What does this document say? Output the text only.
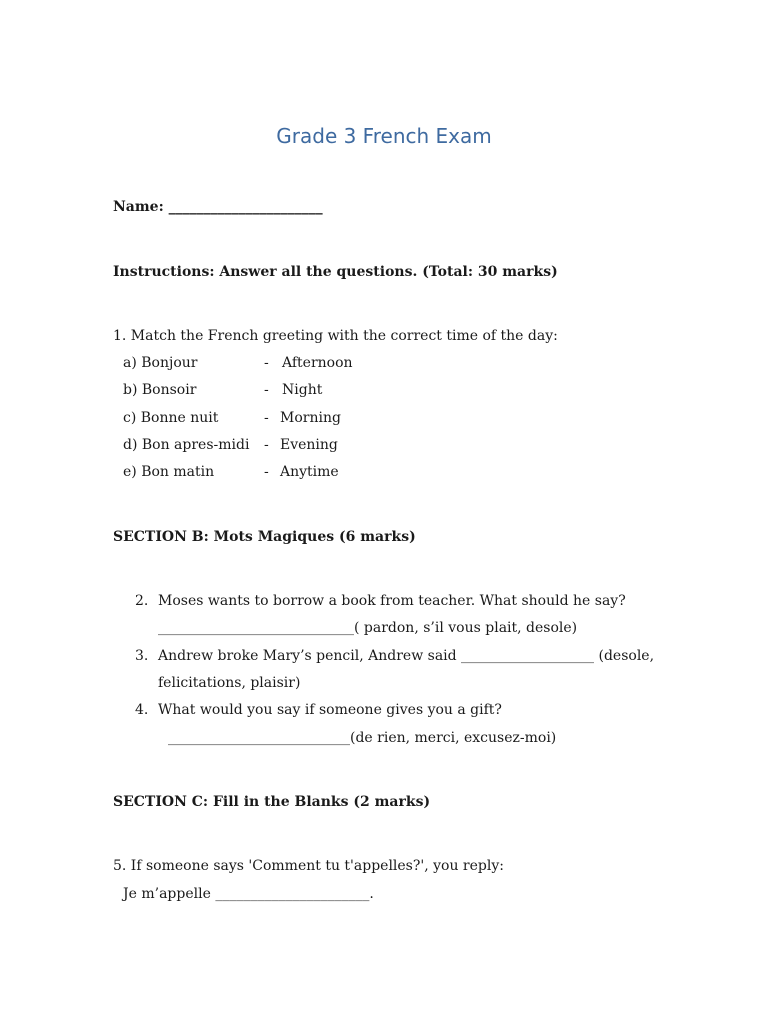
Grade 3 French Exam
Name: ______________________
Instructions: Answer all the questions. (Total: 30 marks)
1. Match the French greeting with the correct time of the day:
a) Bonjour	- Afternoon
b) Bonsoir	- Night
c) Bonne nuit	- Morning
d) Bon apres-midi - Evening
e) Bon matin	- Anytime
SECTION B: Mots Magiques (6 marks)
2. Moses wants to borrow a book from teacher. What should he say?
____________________________( pardon, s’il vous plait, desole)
3. Andrew broke Mary’s pencil, Andrew said ___________________ (desole,
felicitations, plaisir)
4. What would you say if someone gives you a gift?
__________________________(de rien, merci, excusez-moi)
SECTION C: Fill in the Blanks (2 marks)
5. If someone says 'Comment tu t'appelles?', you reply:
Je m’appelle ______________________.
